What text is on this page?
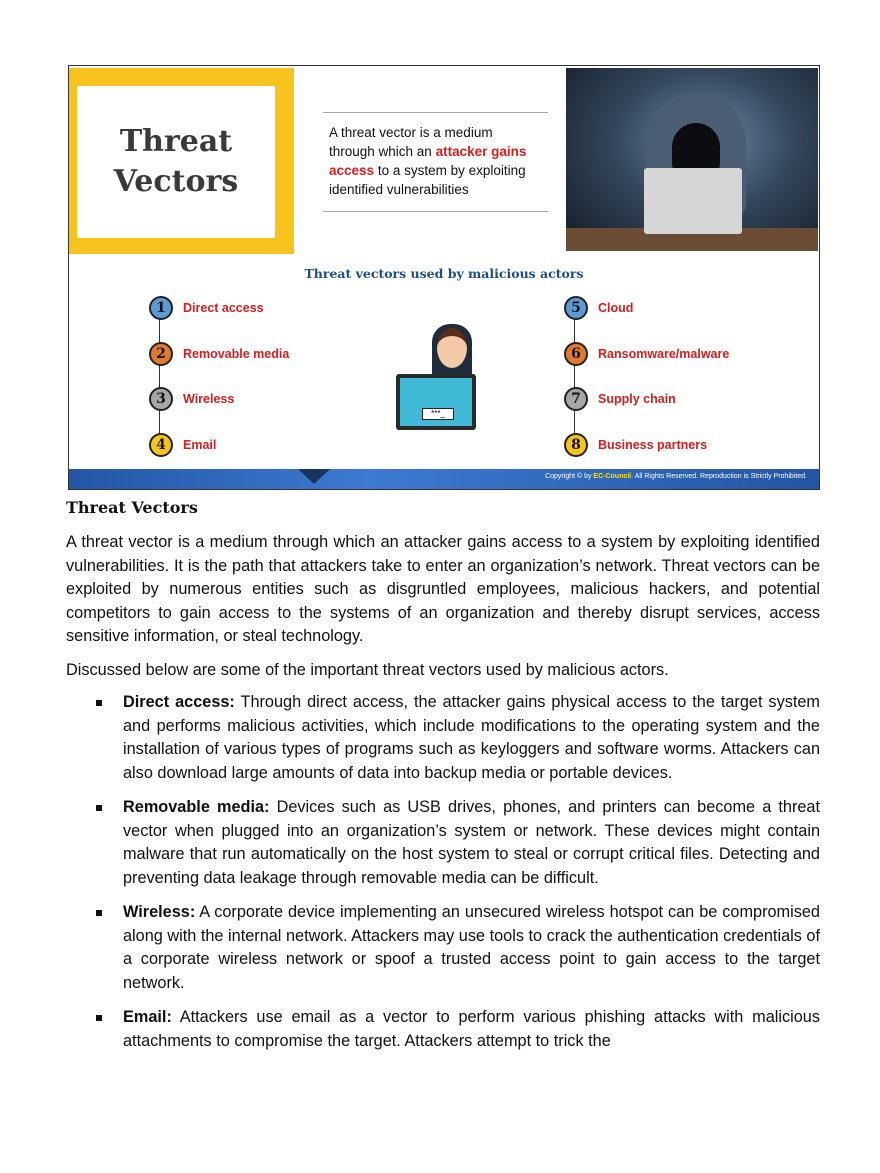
Threat
Vectors
A threat vector is a medium through which an attacker gains access to a system by exploiting identified vulnerabilities
Threat vectors used by malicious actors
1	Direct access
2	Removable media
3	Wireless
4	Email
5	Cloud
6	Ransomware/malware
7	Supply chain
8	Business partners
***_
Copyright © by EC-Council. All Rights Reserved. Reproduction is Strictly Prohibited.
Threat Vectors

A threat vector is a medium through which an attacker gains access to a system by exploiting identified vulnerabilities. It is the path that attackers take to enter an organization’s network. Threat vectors can be exploited by numerous entities such as disgruntled employees, malicious hackers, and potential competitors to gain access to the systems of an organization and thereby disrupt services, access sensitive information, or steal technology.

Discussed below are some of the important threat vectors used by malicious actors.

Direct access: Through direct access, the attacker gains physical access to the target system and performs malicious activities, which include modifications to the operating system and the installation of various types of programs such as keyloggers and software worms. Attackers can also download large amounts of data into backup media or portable devices.
Removable media: Devices such as USB drives, phones, and printers can become a threat vector when plugged into an organization’s system or network. These devices might contain malware that run automatically on the host system to steal or corrupt critical files. Detecting and preventing data leakage through removable media can be difficult.
Wireless: A corporate device implementing an unsecured wireless hotspot can be compromised along with the internal network. Attackers may use tools to crack the authentication credentials of a corporate wireless network or spoof a trusted access point to gain access to the target network.
Email: Attackers use email as a vector to perform various phishing attacks with malicious attachments to compromise the target. Attackers attempt to trick the
